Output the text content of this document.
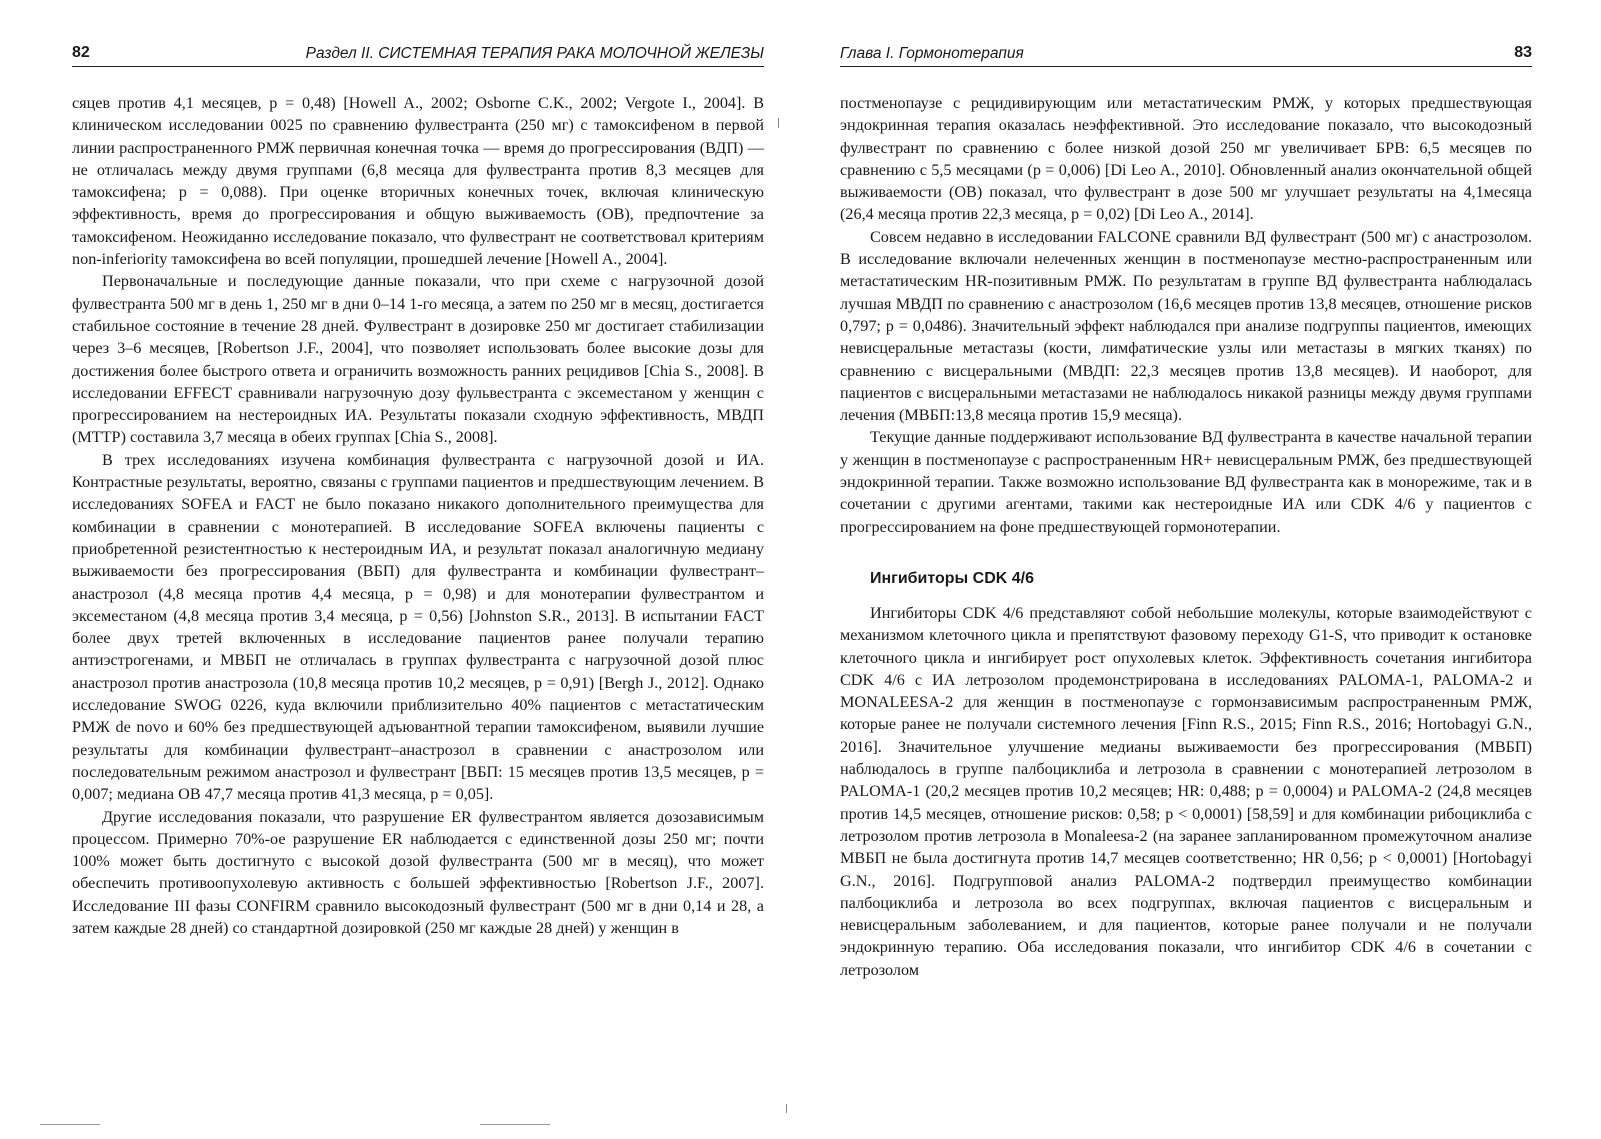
82	Раздел II. СИСТЕМНАЯ ТЕРАПИЯ РАКА МОЛОЧНОЙ ЖЕЛЕЗЫ

сяцев против 4,1 месяцев, p = 0,48) [Howell A., 2002; Osborne C.K., 2002; Vergote I., 2004]. В клиническом исследовании 0025 по сравнению фулвестранта (250 мг) с тамоксифеном в первой линии распространенного РМЖ первичная конечная точка — время до прогрессирования (ВДП) — не отличалась между двумя группами (6,8 месяца для фулвестранта против 8,3 месяцев для тамоксифена; p = 0,088). При оценке вторичных конечных точек, включая клиническую эффективность, время до прогрессирования и общую выживаемость (ОВ), предпочтение за тамоксифеном. Неожиданно исследование показало, что фулвестрант не соответствовал критериям non-inferiority тамоксифена во всей популяции, прошедшей лечение [Howell A., 2004].

Первоначальные и последующие данные показали, что при схеме с нагрузочной дозой фулвестранта 500 мг в день 1, 250 мг в дни 0–14 1-го месяца, а затем по 250 мг в месяц, достигается стабильное состояние в течение 28 дней. Фулвестрант в дозировке 250 мг достигает стабилизации через 3–6 месяцев, [Robertson J.F., 2004], что позволяет использовать более высокие дозы для достижения более быстрого ответа и ограничить возможность ранних рецидивов [Chia S., 2008]. В исследовании EFFECT сравнивали нагрузочную дозу фульвестранта с эксеместаном у женщин с прогрессированием на нестероидных ИА. Результаты показали сходную эффективность, МВДП (МТТР) составила 3,7 месяца в обеих группах [Chia S., 2008].

В трех исследованиях изучена комбинация фулвестранта с нагрузочной дозой и ИА. Контрастные результаты, вероятно, связаны с группами пациентов и предшествующим лечением. В исследованиях SOFEA и FACT не было показано никакого дополнительного преимущества для комбинации в сравнении с монотерапией. В исследование SOFEA включены пациенты с приобретенной резистентностью к нестероидным ИА, и результат показал аналогичную медиану выживаемости без прогрессирования (ВБП) для фулвестранта и комбинации фулвестрант–анастрозол (4,8 месяца против 4,4 месяца, p = 0,98) и для монотерапии фулвестрантом и эксеместаном (4,8 месяца против 3,4 месяца, p = 0,56) [Johnston S.R., 2013]. В испытании FACT более двух третей включенных в исследование пациентов ранее получали терапию антиэстрогенами, и МВБП не отличалась в группах фулвестранта с нагрузочной дозой плюс анастрозол против анастрозола (10,8 месяца против 10,2 месяцев, p = 0,91) [Bergh J., 2012]. Однако исследование SWOG 0226, куда включили приблизительно 40% пациентов с метастатическим РМЖ de novo и 60% без предшествующей адъювантной терапии тамоксифеном, выявили лучшие результаты для комбинации фулвестрант–анастрозол в сравнении с анастрозолом или последовательным режимом анастрозол и фулвестрант [ВБП: 15 месяцев против 13,5 месяцев, p = 0,007; медиана ОВ 47,7 месяца против 41,3 месяца, p = 0,05].

Другие исследования показали, что разрушение ER фулвестрантом является дозозависимым процессом. Примерно 70%-ое разрушение ER наблюдается с единственной дозы 250 мг; почти 100% может быть достигнуто с высокой дозой фулвестранта (500 мг в месяц), что может обеспечить противоопухолевую активность с большей эффективностью [Robertson J.F., 2007]. Исследование III фазы CONFIRM сравнило высокодозный фулвестрант (500 мг в дни 0,14 и 28, а затем каждые 28 дней) со стандартной дозировкой (250 мг каждые 28 дней) у женщин в

Глава I. Гормонотерапия	83

постменопаузе с рецидивирующим или метастатическим РМЖ, у которых предшествующая эндокринная терапия оказалась неэффективной. Это исследование показало, что высокодозный фулвестрант по сравнению с более низкой дозой 250 мг увеличивает БРВ: 6,5 месяцев по сравнению с 5,5 месяцами (p = 0,006) [Di Leo A., 2010]. Обновленный анализ окончательной общей выживаемости (ОВ) показал, что фулвестрант в дозе 500 мг улучшает результаты на 4,1месяца (26,4 месяца против 22,3 месяца, p = 0,02) [Di Leo A., 2014].

Совсем недавно в исследовании FALCONE сравнили ВД фулвестрант (500 мг) с анастрозолом. В исследование включали нелеченных женщин в постменопаузе местно-распространенным или метастатическим HR-позитивным РМЖ. По результатам в группе ВД фулвестранта наблюдалась лучшая МВДП по сравнению с анастрозолом (16,6 месяцев против 13,8 месяцев, отношение рисков 0,797; p = 0,0486). Значительный эффект наблюдался при анализе подгруппы пациентов, имеющих невисцеральные метастазы (кости, лимфатические узлы или метастазы в мягких тканях) по сравнению с висцеральными (МВДП: 22,3 месяцев против 13,8 месяцев). И наоборот, для пациентов с висцеральными метастазами не наблюдалось никакой разницы между двумя группами лечения (МВБП:13,8 месяца против 15,9 месяца).

Текущие данные поддерживают использование ВД фулвестранта в качестве начальной терапии у женщин в постменопаузе с распространенным HR+ невисцеральным РМЖ, без предшествующей эндокринной терапии. Также возможно использование ВД фулвестранта как в монорежиме, так и в сочетании с другими агентами, такими как нестероидные ИА или CDK 4/6 у пациентов с прогрессированием на фоне предшествующей гормонотерапии.

Ингибиторы CDK 4/6

Ингибиторы CDK 4/6 представляют собой небольшие молекулы, которые взаимодействуют с механизмом клеточного цикла и препятствуют фазовому переходу G1-S, что приводит к остановке клеточного цикла и ингибирует рост опухолевых клеток. Эффективность сочетания ингибитора CDK 4/6 с ИА летрозолом продемонстрирована в исследованиях PALOMA-1, PALOMA-2 и MONALEESA-2 для женщин в постменопаузе с гормонзависимым распространенным РМЖ, которые ранее не получали системного лечения [Finn R.S., 2015; Finn R.S., 2016; Hortobagyi G.N., 2016]. Значительное улучшение медианы выживаемости без прогрессирования (МВБП) наблюдалось в группе палбоциклиба и летрозола в сравнении с монотерапией летрозолом в PALOMA-1 (20,2 месяцев против 10,2 месяцев; HR: 0,488; p = 0,0004) и PALOMA-2 (24,8 месяцев против 14,5 месяцев, отношение рисков: 0,58; p < 0,0001) [58,59] и для комбинации рибоциклиба с летрозолом против летрозола в Monaleesa-2 (на заранее запланированном промежуточном анализе МВБП не была достигнута против 14,7 месяцев соответственно; HR 0,56; p < 0,0001) [Hortobagyi G.N., 2016]. Подгрупповой анализ PALOMA-2 подтвердил преимущество комбинации палбоциклиба и летрозола во всех подгруппах, включая пациентов с висцеральным и невисцеральным заболеванием, и для пациентов, которые ранее получали и не получали эндокринную терапию. Оба исследования показали, что ингибитор CDK 4/6 в сочетании с летрозолом
